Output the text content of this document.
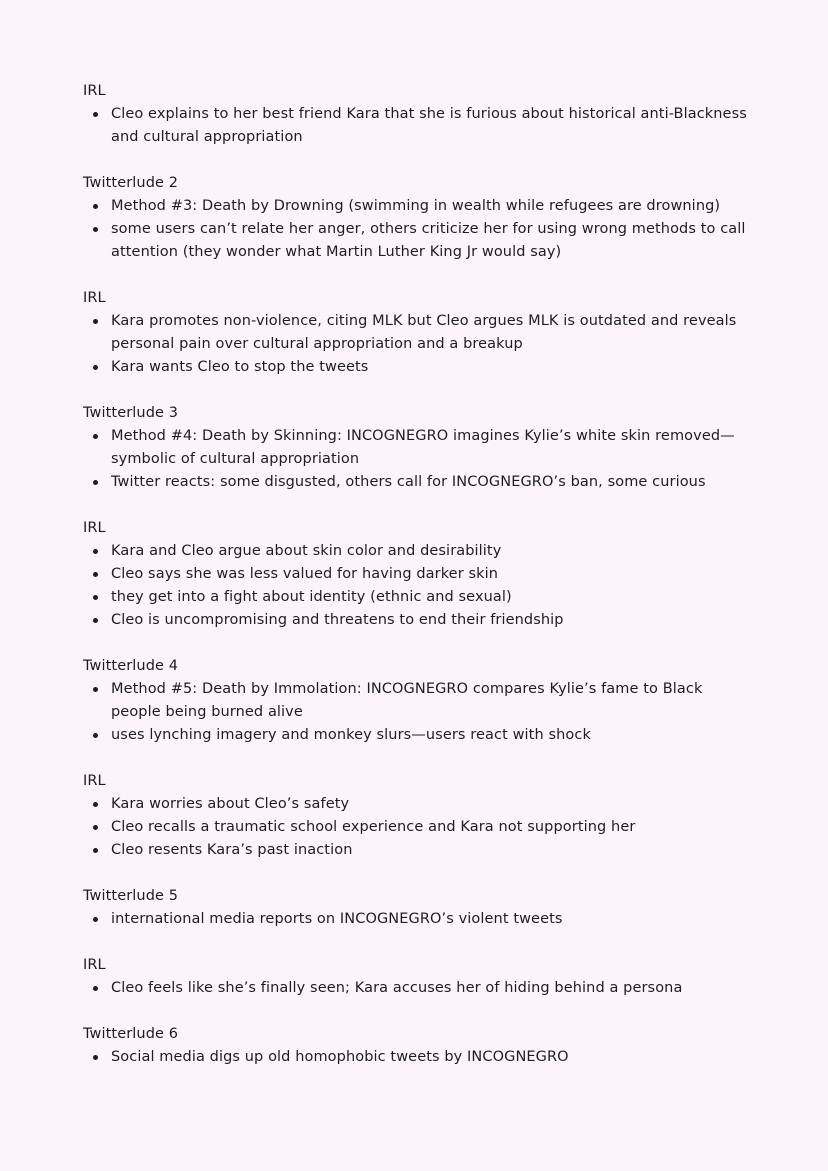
IRL
Cleo explains to her best friend Kara that she is furious about historical anti-Blackness and cultural appropriation
Twitterlude 2
Method #3: Death by Drowning (swimming in wealth while refugees are drowning)
some users can’t relate her anger, others criticize her for using wrong methods to call attention (they wonder what Martin Luther King Jr would say)
IRL
Kara promotes non-violence, citing MLK but Cleo argues MLK is outdated and reveals personal pain over cultural appropriation and a breakup
Kara wants Cleo to stop the tweets
Twitterlude 3
Method #4: Death by Skinning: INCOGNEGRO imagines Kylie’s white skin removed—symbolic of cultural appropriation
Twitter reacts: some disgusted, others call for INCOGNEGRO’s ban, some curious
IRL
Kara and Cleo argue about skin color and desirability
Cleo says she was less valued for having darker skin
they get into a fight about identity (ethnic and sexual)
Cleo is uncompromising and threatens to end their friendship
Twitterlude 4
Method #5: Death by Immolation: INCOGNEGRO compares Kylie’s fame to Black people being burned alive
uses lynching imagery and monkey slurs—users react with shock
IRL
Kara worries about Cleo’s safety
Cleo recalls a traumatic school experience and Kara not supporting her
Cleo resents Kara’s past inaction
Twitterlude 5
international media reports on INCOGNEGRO’s violent tweets
IRL
Cleo feels like she’s finally seen; Kara accuses her of hiding behind a persona
Twitterlude 6
Social media digs up old homophobic tweets by INCOGNEGRO
